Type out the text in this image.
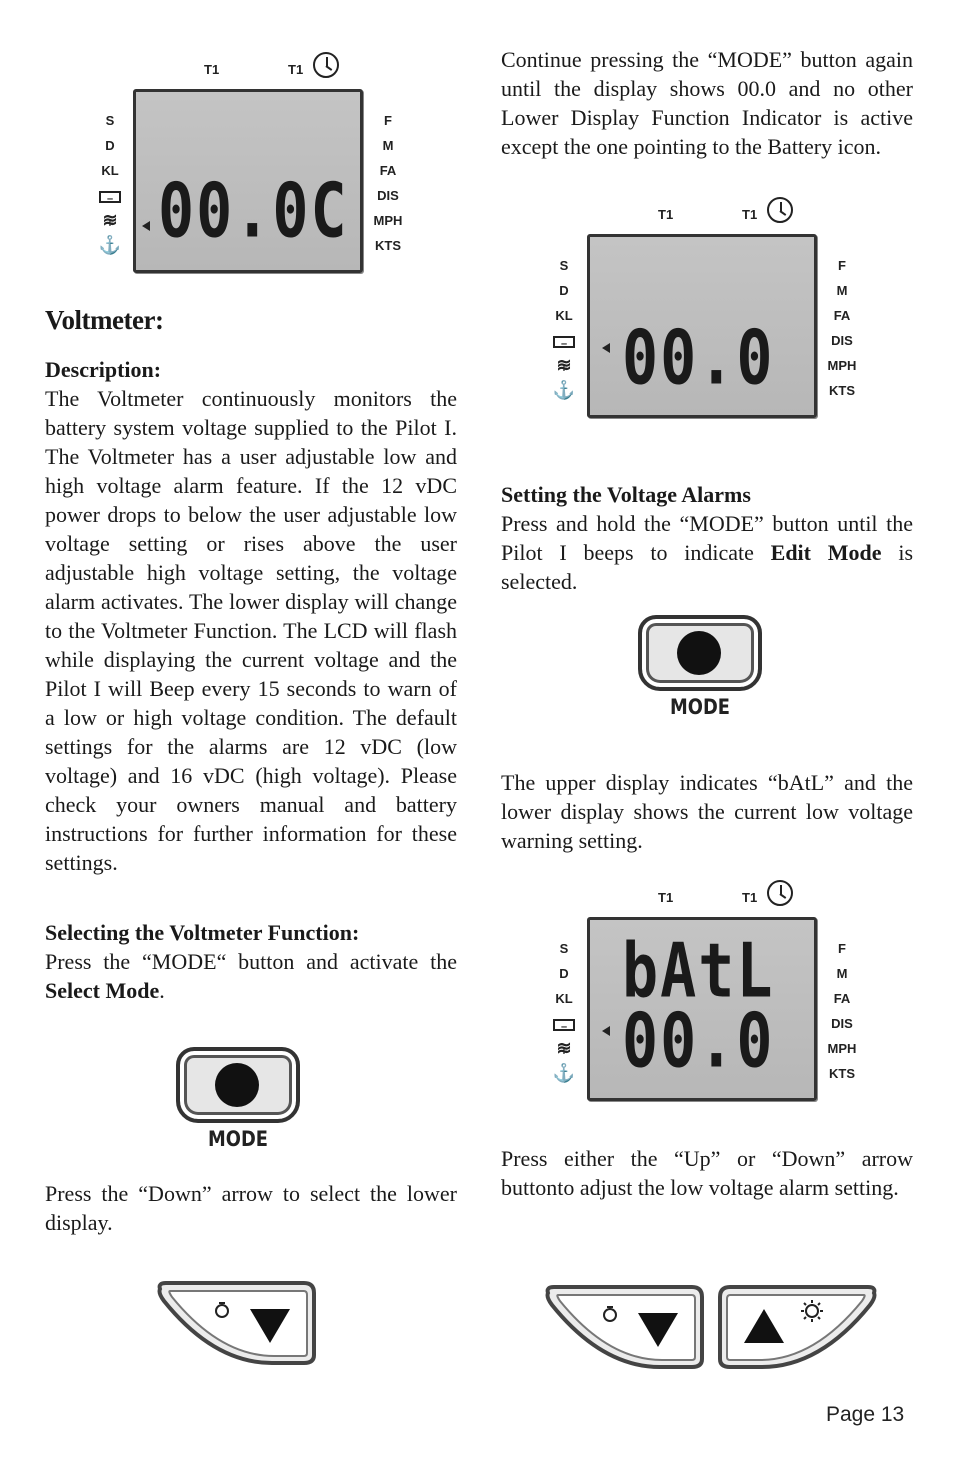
T1	T1
S
D
KL
– +
≋
⚓ 00.0C
F
M
FA
DIS
MPH
KTS
Voltmeter:
Description:

The Voltmeter continuously monitors the battery system voltage supplied to the Pilot I. The Voltmeter has a user adjustable low and high voltage alarm feature. If the 12 vDC power drops to below the user adjustable low voltage setting or rises above the user adjustable high voltage setting, the voltage alarm activates. The lower display will change to the Voltmeter Function. The LCD will flash while displaying the current voltage and the Pilot I will Beep every 15 seconds to warn of a low or high voltage condition. The default settings for the alarms are 12 vDC (low voltage) and 16 vDC (high voltage). Please check your owners manual and battery instructions for further information for these settings.

Selecting the Voltmeter Function:

Press the “MODE“ button and activate the Select Mode.

MODE

Press the “Down” arrow to select the lower display.

Continue pressing the “MODE” button again until the display shows 00.0 and no other Lower Display Function Indicator is active except the one pointing to the Battery icon.

T1	T1
S
D
KL
– +
≋
⚓ 00.0
F
M
FA
DIS
MPH
KTS
Setting the Voltage Alarms

Press and hold the “MODE” button until the Pilot I beeps to indicate Edit Mode is selected.

MODE

The upper display indicates “bAtL” and the lower display shows the current low voltage warning setting.

T1	T1
S
D
KL
– +
≋
⚓
bAtL
00.0
F
M
FA
DIS
MPH
KTS

Press either the “Up” or “Down” arrow buttonto adjust the low voltage alarm setting.

Page 13
